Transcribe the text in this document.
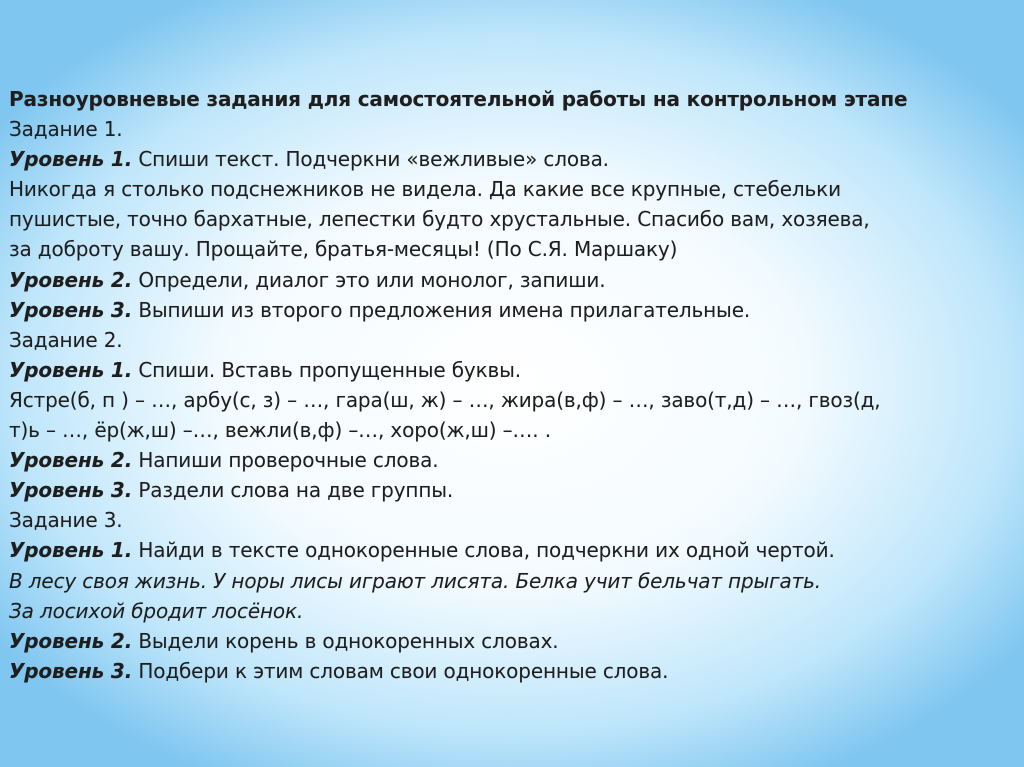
Разноуровневые задания для самостоятельной работы на контрольном этапе
Задание 1.
Уровень 1. Спиши текст. Подчеркни «вежливые» слова.
Никогда я столько подснежников не видела. Да какие все крупные, стебельки
пушистые, точно бархатные, лепестки будто хрустальные. Спасибо вам, хозяева,
за доброту вашу. Прощайте, братья-месяцы! (По С.Я. Маршаку)
Уровень 2. Определи, диалог это или монолог, запиши.
Уровень 3. Выпиши из второго предложения имена прилагательные.
Задание 2.
Уровень 1. Спиши. Вставь пропущенные буквы.
Ястре(б, п ) – …, арбу(с, з) – …, гара(ш, ж) – …, жира(в,ф) – …, заво(т,д) – …, гвоз(д,
т)ь – …, ёр(ж,ш) –…, вежли(в,ф) –…, хоро(ж,ш) –…. .
Уровень 2. Напиши проверочные слова.
Уровень 3. Раздели слова на две группы.
Задание 3.
Уровень 1. Найди в тексте однокоренные слова, подчеркни их одной чертой.
В лесу своя жизнь. У норы лисы играют лисята. Белка учит бельчат прыгать.
За лосихой бродит лосёнок.
Уровень 2. Выдели корень в однокоренных словах.
Уровень 3. Подбери к этим словам свои однокоренные слова.
